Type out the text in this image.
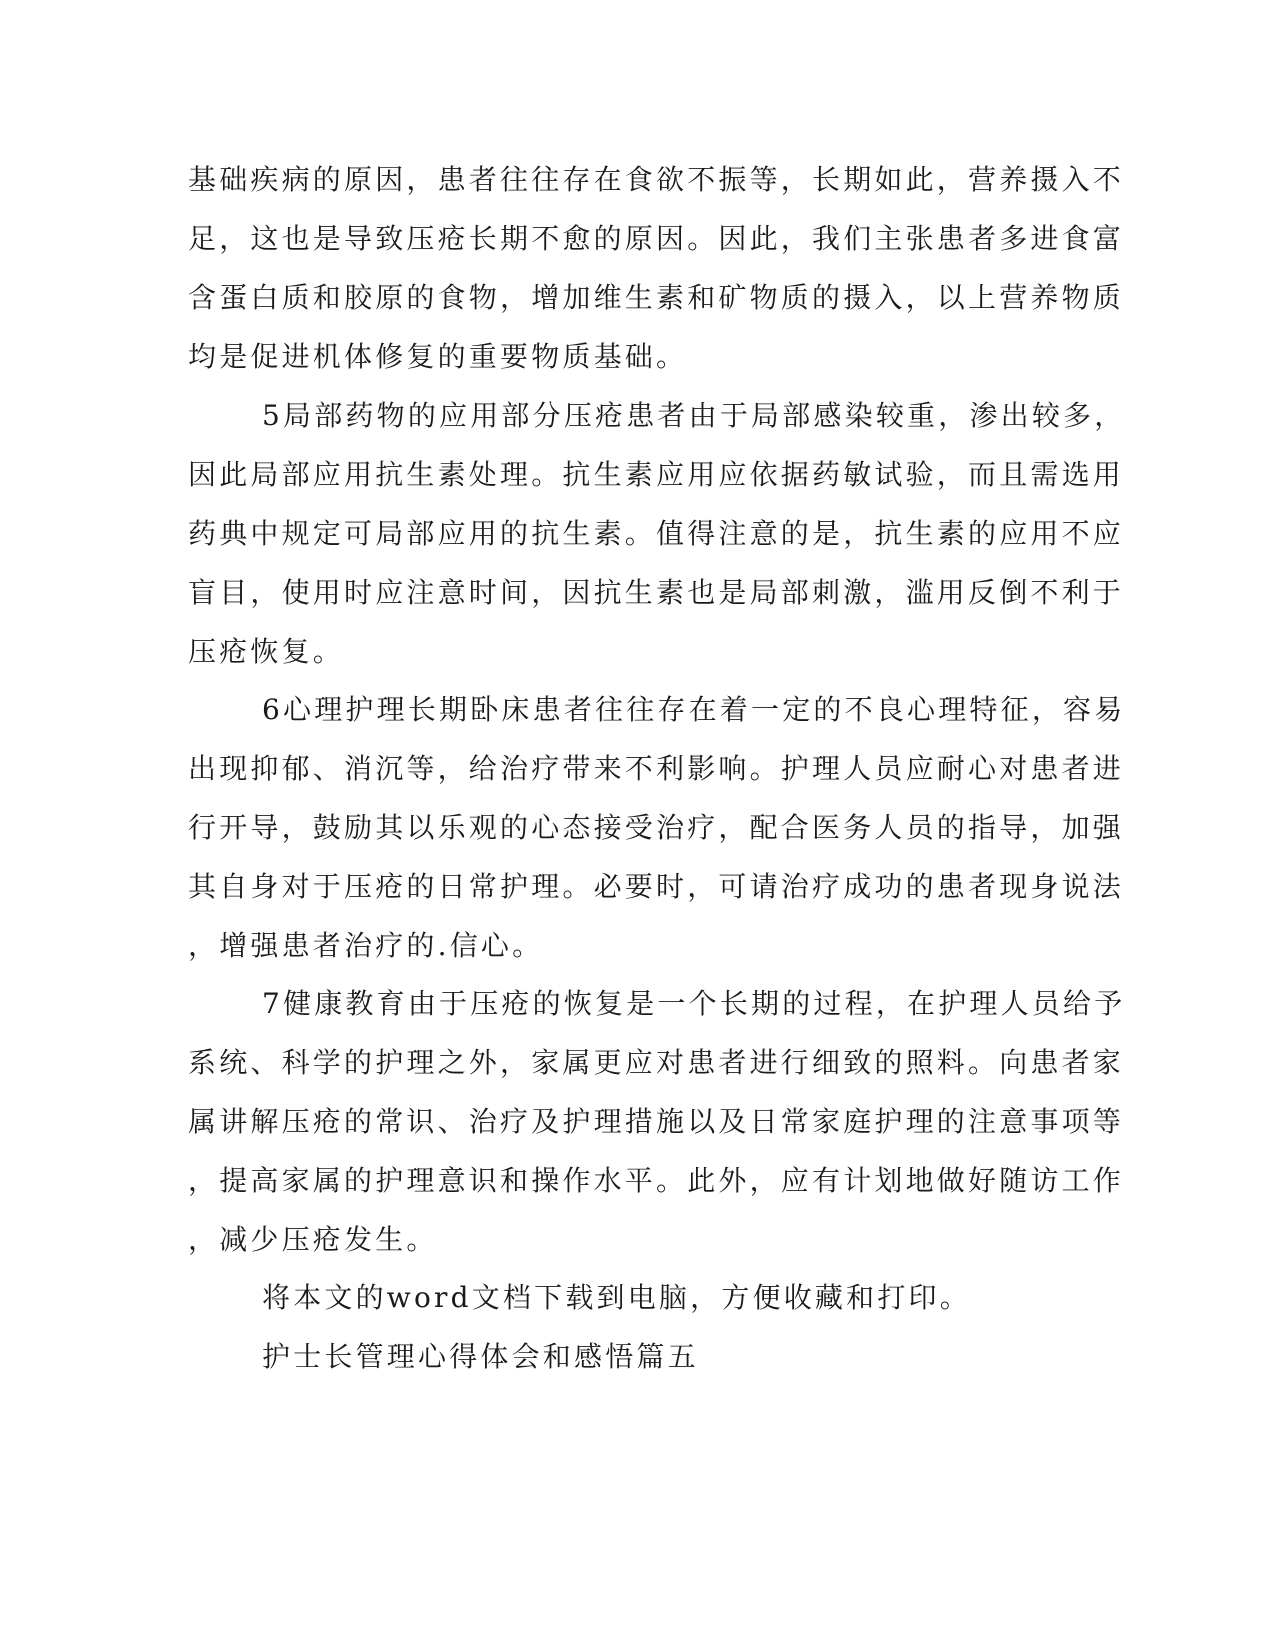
基础疾病的原因，患者往往存在食欲不振等，长期如此，营养摄入不
足，这也是导致压疮长期不愈的原因。因此，我们主张患者多进食富
含蛋白质和胶原的食物，增加维生素和矿物质的摄入，以上营养物质
均是促进机体修复的重要物质基础。
5局部药物的应用部分压疮患者由于局部感染较重，渗出较多，
因此局部应用抗生素处理。抗生素应用应依据药敏试验，而且需选用
药典中规定可局部应用的抗生素。值得注意的是，抗生素的应用不应
盲目，使用时应注意时间，因抗生素也是局部刺激，滥用反倒不利于
压疮恢复。
6心理护理长期卧床患者往往存在着一定的不良心理特征，容易
出现抑郁、消沉等，给治疗带来不利影响。护理人员应耐心对患者进
行开导，鼓励其以乐观的心态接受治疗，配合医务人员的指导，加强
其自身对于压疮的日常护理。必要时，可请治疗成功的患者现身说法
，增强患者治疗的.信心。
7健康教育由于压疮的恢复是一个长期的过程，在护理人员给予
系统、科学的护理之外，家属更应对患者进行细致的照料。向患者家
属讲解压疮的常识、治疗及护理措施以及日常家庭护理的注意事项等
，提高家属的护理意识和操作水平。此外，应有计划地做好随访工作
，减少压疮发生。
将本文的word文档下载到电脑，方便收藏和打印。
护士长管理心得体会和感悟篇五
